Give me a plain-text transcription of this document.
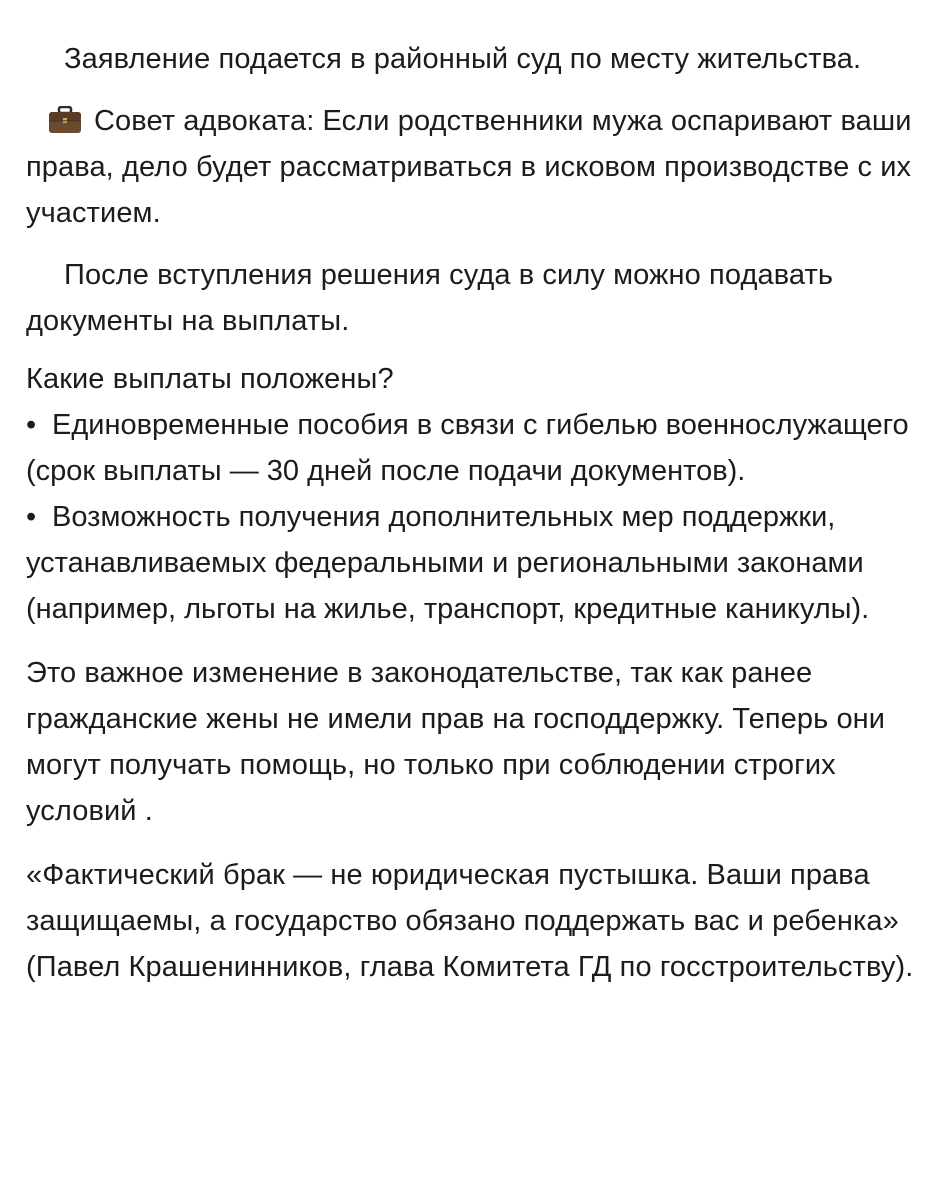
Заявление подается в районный суд по месту жительства.

Совет адвоката: Если родственники мужа оспаривают ваши права, дело будет рассматриваться в исковом производстве с их участием.

После вступления решения суда в силу можно подавать документы на выплаты.

Какие выплаты положены?

• Единовременные пособия в связи с гибелью военнослужащего (срок выплаты — 30 дней после подачи документов).
• Возможность получения дополнительных мер поддержки, устанавливаемых федеральными и региональными законами (например, льготы на жилье, транспорт, кредитные каникулы).

Это важное изменение в законодательстве, так как ранее гражданские жены не имели прав на господдержку. Теперь они могут получать помощь, но только при соблюдении строгих условий .

«Фактический брак — не юридическая пустышка. Ваши права защищаемы, а государство обязано поддержать вас и ребенка»

(Павел Крашенинников, глава Комитета ГД по госстроительству).
